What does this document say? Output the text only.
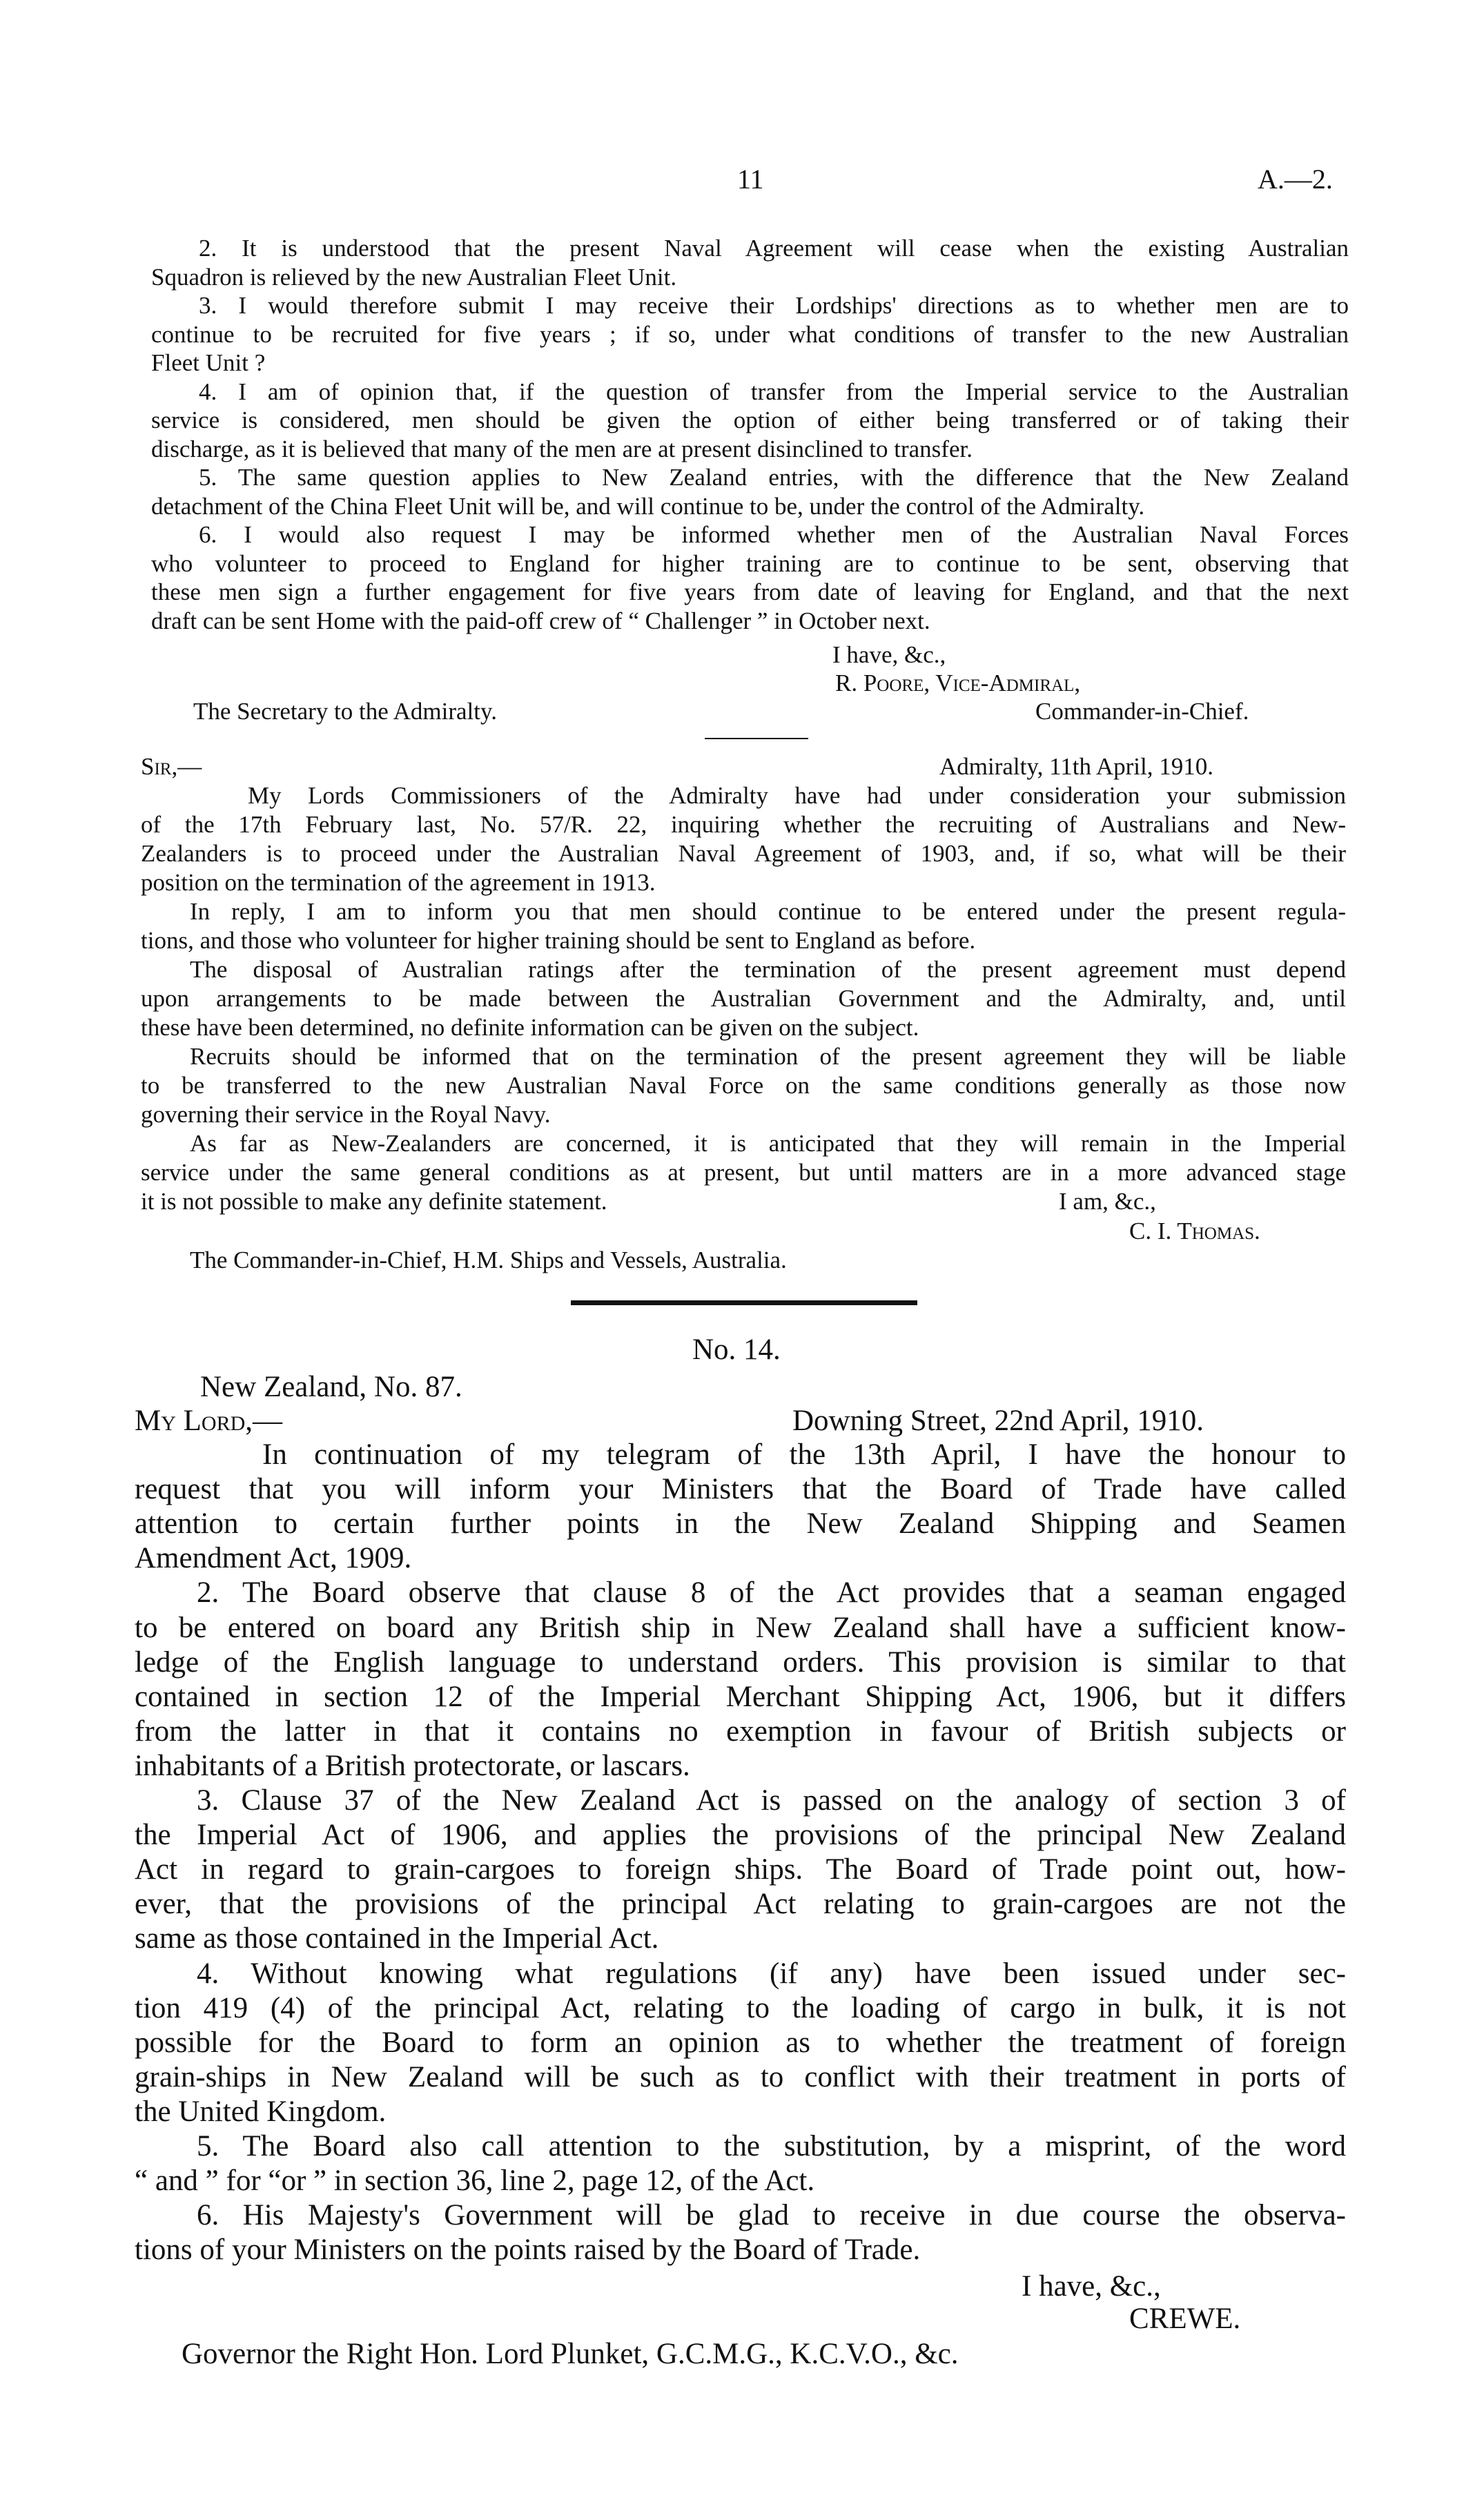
11	A.—2.
2. It is understood that the present Naval Agreement will cease when the existing Australian
Squadron is relieved by the new Australian Fleet Unit.
3. I would therefore submit I may receive their Lordships' directions as to whether men are to
continue to be recruited for five years ; if so, under what conditions of transfer to the new Australian
Fleet Unit ?
4. I am of opinion that, if the question of transfer from the Imperial service to the Australian
service is considered, men should be given the option of either being transferred or of taking their
discharge, as it is believed that many of the men are at present disinclined to transfer.
5. The same question applies to New Zealand entries, with the difference that the New Zealand
detachment of the China Fleet Unit will be, and will continue to be, under the control of the Admiralty.
6. I would also request I may be informed whether men of the Australian Naval Forces
who volunteer to proceed to England for higher training are to continue to be sent, observing that
these men sign a further engagement for five years from date of leaving for England, and that the next
draft can be sent Home with the paid-off crew of “ Challenger ” in October next.
I have, &c.,
R. Poore, Vice-Admiral,
The Secretary to the Admiralty.	Commander-in-Chief.
Sir,—	Admiralty, 11th April, 1910.
My Lords Commissioners of the Admiralty have had under consideration your submission
of the 17th February last, No. 57/R. 22, inquiring whether the recruiting of Australians and New-
Zealanders is to proceed under the Australian Naval Agreement of 1903, and, if so, what will be their
position on the termination of the agreement in 1913.
In reply, I am to inform you that men should continue to be entered under the present regula-
tions, and those who volunteer for higher training should be sent to England as before.
The disposal of Australian ratings after the termination of the present agreement must depend
upon arrangements to be made between the Australian Government and the Admiralty, and, until
these have been determined, no definite information can be given on the subject.
Recruits should be informed that on the termination of the present agreement they will be liable
to be transferred to the new Australian Naval Force on the same conditions generally as those now
governing their service in the Royal Navy.
As far as New-Zealanders are concerned, it is anticipated that they will remain in the Imperial
service under the same general conditions as at present, but until matters are in a more advanced stage
it is not possible to make any definite statement.	I am, &c.,
C. I. Thomas.
The Commander-in-Chief, H.M. Ships and Vessels, Australia.
No. 14.
New Zealand, No. 87.
My Lord,—	Downing Street, 22nd April, 1910.
In continuation of my telegram of the 13th April, I have the honour to
request that you will inform your Ministers that the Board of Trade have called
attention to certain further points in the New Zealand Shipping and Seamen
Amendment Act, 1909.
2. The Board observe that clause 8 of the Act provides that a seaman engaged
to be entered on board any British ship in New Zealand shall have a sufficient know-
ledge of the English language to understand orders. This provision is similar to that
contained in section 12 of the Imperial Merchant Shipping Act, 1906, but it differs
from the latter in that it contains no exemption in favour of British subjects or
inhabitants of a British protectorate, or lascars.
3. Clause 37 of the New Zealand Act is passed on the analogy of section 3 of
the Imperial Act of 1906, and applies the provisions of the principal New Zealand
Act in regard to grain-cargoes to foreign ships. The Board of Trade point out, how-
ever, that the provisions of the principal Act relating to grain-cargoes are not the
same as those contained in the Imperial Act.
4. Without knowing what regulations (if any) have been issued under sec-
tion 419 (4) of the principal Act, relating to the loading of cargo in bulk, it is not
possible for the Board to form an opinion as to whether the treatment of foreign
grain-ships in New Zealand will be such as to conflict with their treatment in ports of
the United Kingdom.
5. The Board also call attention to the substitution, by a misprint, of the word
“ and ” for “or ” in section 36, line 2, page 12, of the Act.
6. His Majesty's Government will be glad to receive in due course the observa-
tions of your Ministers on the points raised by the Board of Trade.
I have, &c.,
CREWE.
Governor the Right Hon. Lord Plunket, G.C.M.G., K.C.V.O., &c.
